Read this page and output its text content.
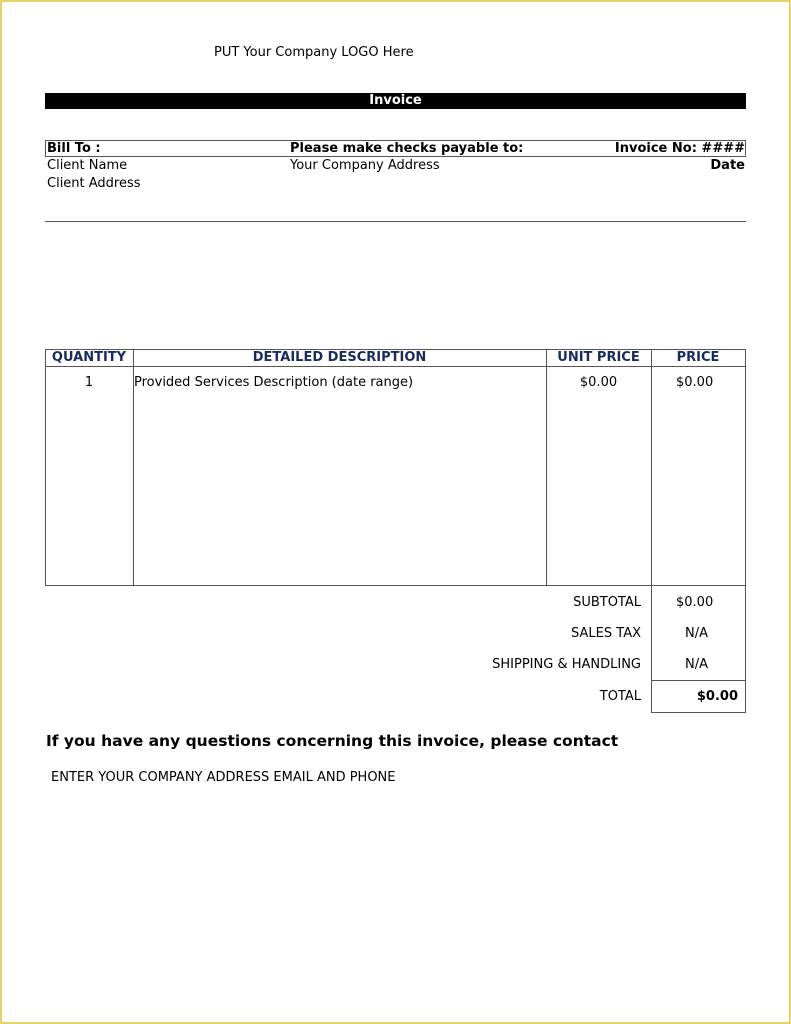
PUT Your Company LOGO Here
Invoice
Bill To :
Client Name
Client Address
Please make checks payable to:
Your Company Address
Invoice No: ####
Date
QUANTITY	DETAILED DESCRIPTION	UNIT PRICE	PRICE
1	Provided Services Description (date range)	$0.00	$0.00
SUBTOTAL	$0.00
SALES TAX	N/A
SHIPPING & HANDLING	N/A
TOTAL	$0.00
If you have any questions concerning this invoice, please contact
ENTER YOUR COMPANY ADDRESS EMAIL AND PHONE
